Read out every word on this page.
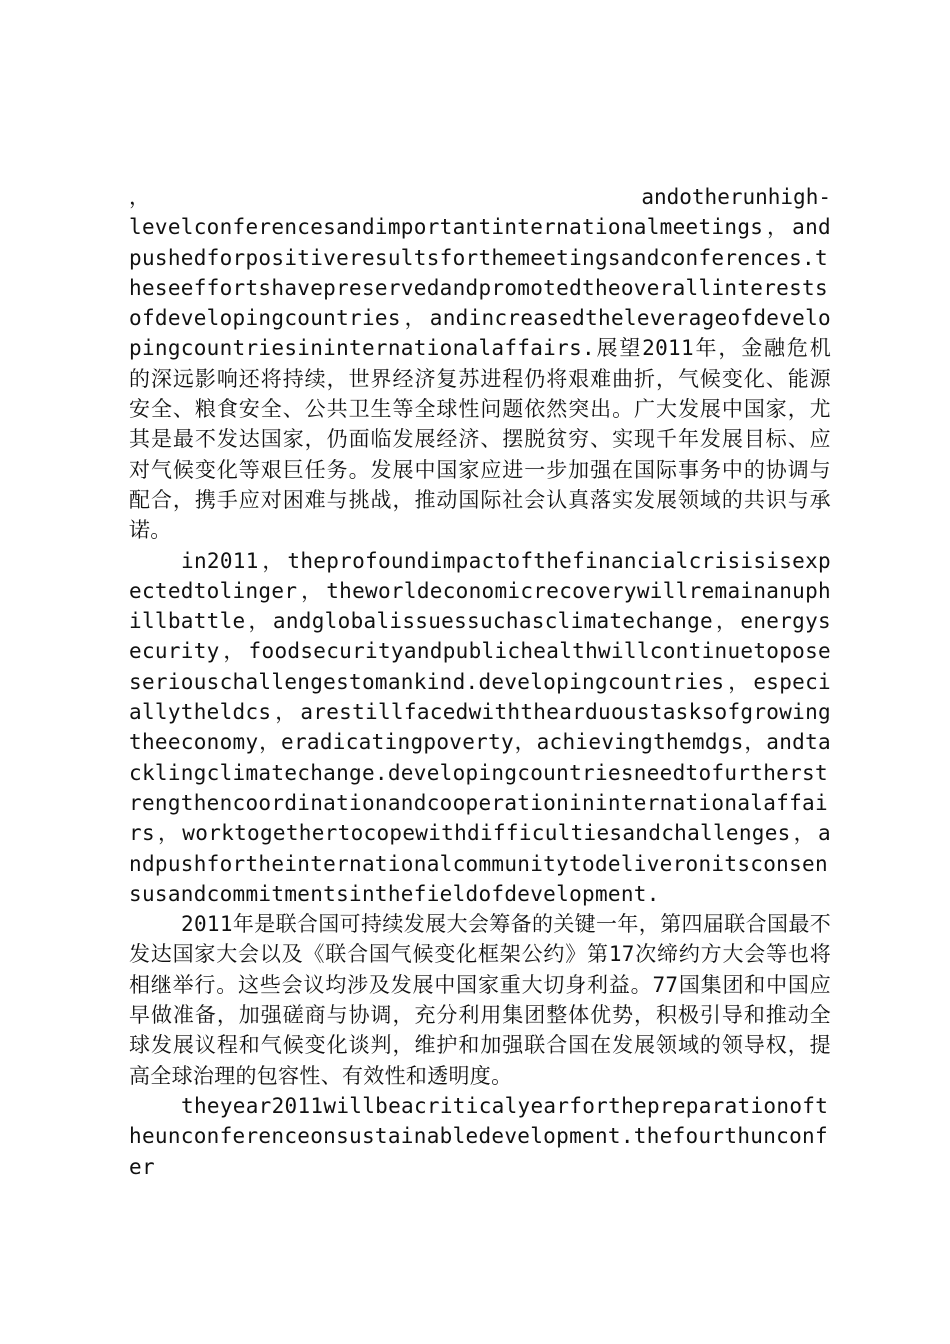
，	andotherunhigh-

levelconferencesandimportantinternationalmeetings，andpushedforpositiveresultsforthemeetingsandconferences.theseeffortshavepreservedandpromotedtheoverallinterestsofdevelopingcountries，andincreasedtheleverageofdevelopingcountriesininternationalaffairs.展望2011年，金融危机的深远影响还将持续，世界经济复苏进程仍将艰难曲折，气候变化、能源安全、粮食安全、公共卫生等全球性问题依然突出。广大发展中国家，尤其是最不发达国家，仍面临发展经济、摆脱贫穷、实现千年发展目标、应对气候变化等艰巨任务。发展中国家应进一步加强在国际事务中的协调与配合，携手应对困难与挑战，推动国际社会认真落实发展领域的共识与承诺。

in2011，theprofoundimpactofthefinancialcrisisisexpectedtolinger，theworldeconomicrecoverywillremainanuphillbattle，andglobalissuessuchasclimatechange，energysecurity，foodsecurityandpublichealthwillcontinuetoposeseriouschallengestomankind.developingcountries，especiallytheldcs，arestillfacedwiththearduoustasksofgrowingtheeconomy，eradicatingpoverty，achievingthemdgs，andtacklingclimatechange.developingcountriesneedtofurtherstrengthencoordinationandcooperationininternationalaffairs，worktogethertocopewithdifficultiesandchallenges，andpushfortheinternationalcommunitytodeliveronitsconsensusandcommitmentsinthefieldofdevelopment.

2011年是联合国可持续发展大会筹备的关键一年，第四届联合国最不发达国家大会以及《联合国气候变化框架公约》第17次缔约方大会等也将相继举行。这些会议均涉及发展中国家重大切身利益。77国集团和中国应早做准备，加强磋商与协调，充分利用集团整体优势，积极引导和推动全球发展议程和气候变化谈判，维护和加强联合国在发展领域的领导权，提高全球治理的包容性、有效性和透明度。

theyear2011willbeacriticalyearforthepreparationoftheunconferenceonsustainabledevelopment.thefourthunconfer
